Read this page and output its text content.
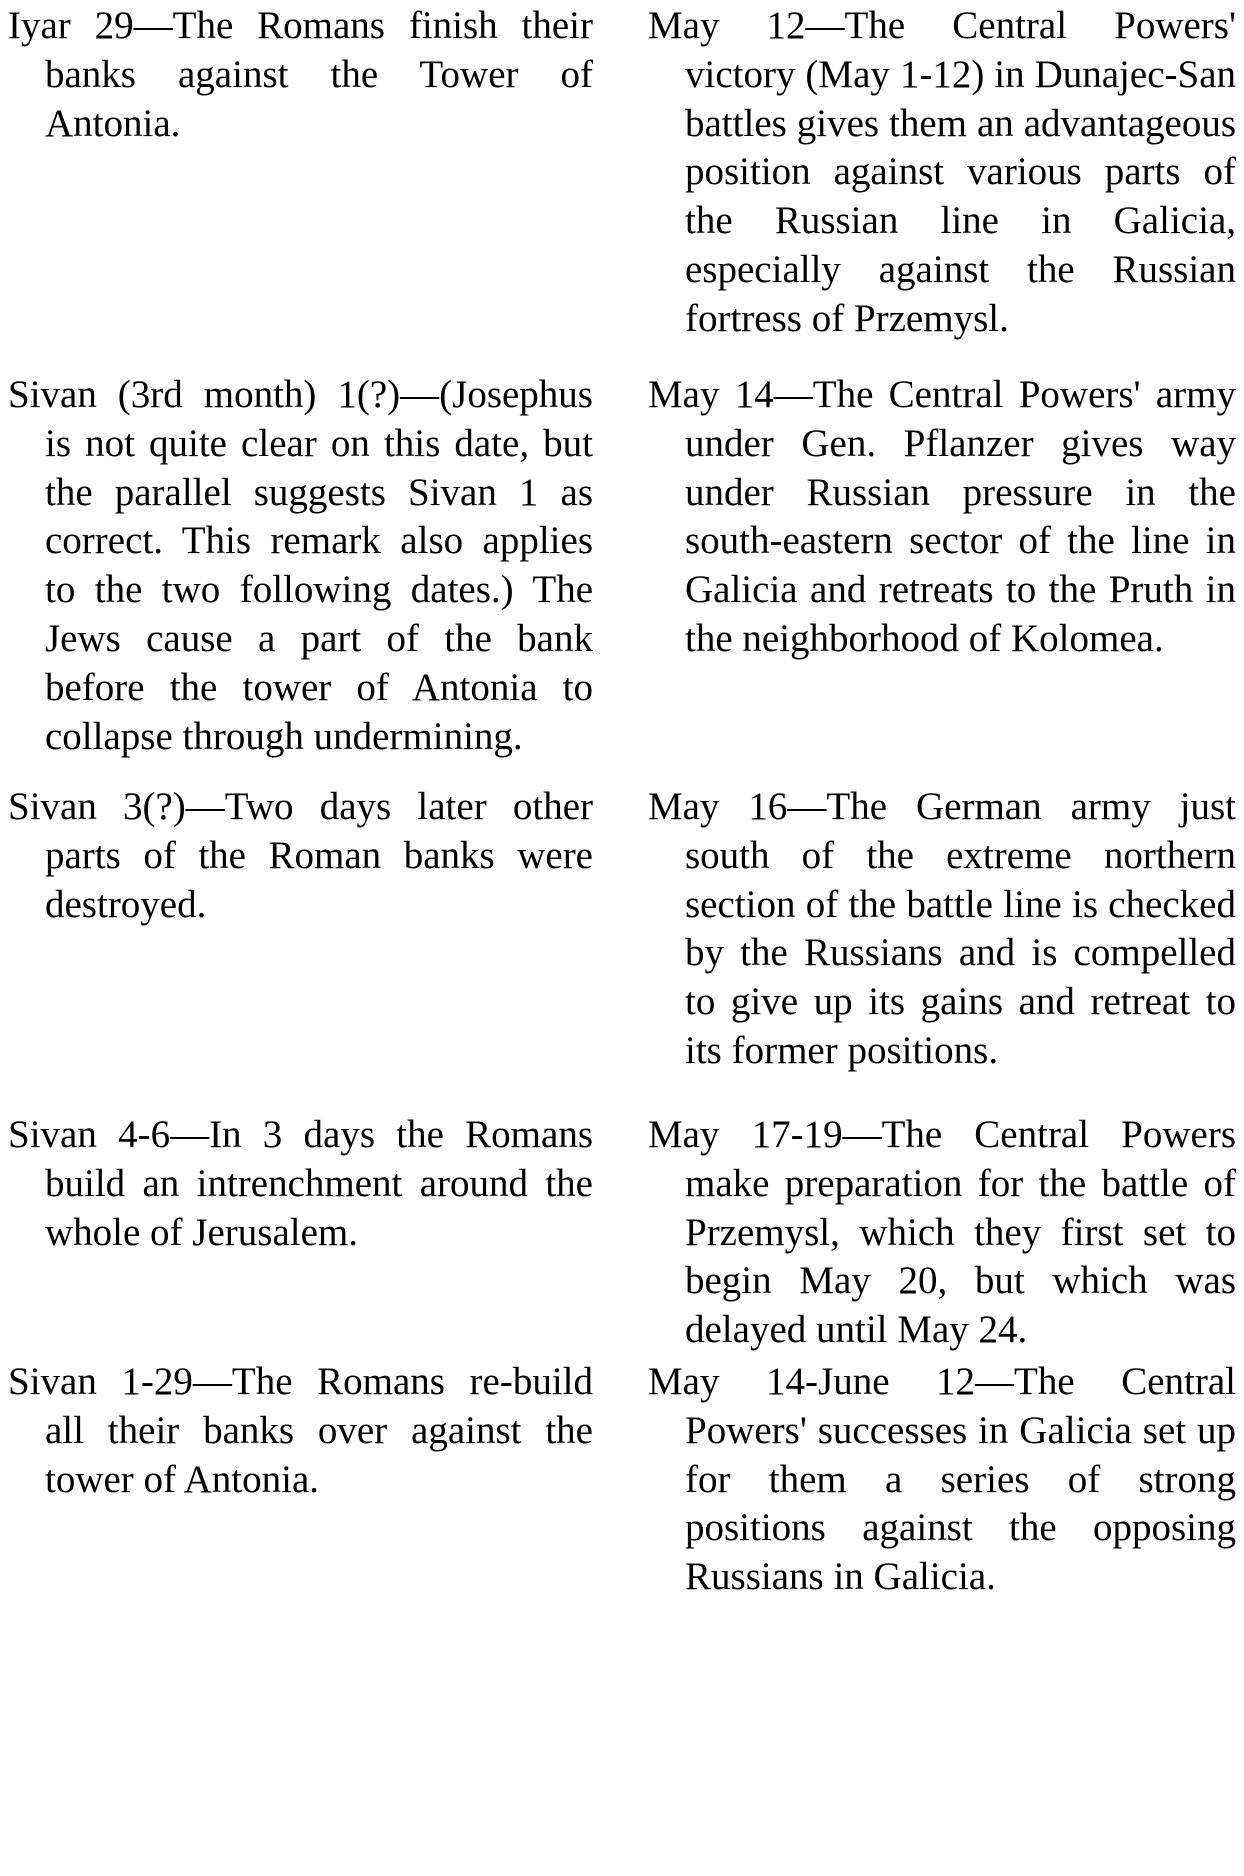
Iyar 29—The Romans finish their banks against the Tower of Antonia.

May 12—The Central Powers' victory (May 1-12) in Dunajec-San battles gives them an advantageous position against various parts of the Russian line in Galicia, especially against the Russian fortress of Przemysl.

Sivan (3rd month) 1(?)—(Josephus is not quite clear on this date, but the parallel suggests Sivan 1 as correct. This remark also applies to the two following dates.) The Jews cause a part of the bank before the tower of Antonia to collapse through undermining.

May 14—The Central Powers' army under Gen. Pflanzer gives way under Russian pressure in the south-eastern sector of the line in Galicia and retreats to the Pruth in the neighborhood of Kolomea.

Sivan 3(?)—Two days later other parts of the Roman banks were destroyed.

May 16—The German army just south of the extreme northern section of the battle line is checked by the Russians and is compelled to give up its gains and retreat to its former positions.

Sivan 4-6—In 3 days the Romans build an intrenchment around the whole of Jerusalem.

May 17-19—The Central Powers make preparation for the battle of Przemysl, which they first set to begin May 20, but which was delayed until May 24.

Sivan 1-29—The Romans re-build all their banks over against the tower of Antonia.

May 14-June 12—The Central Powers' successes in Galicia set up for them a series of strong positions against the opposing Russians in Galicia.
